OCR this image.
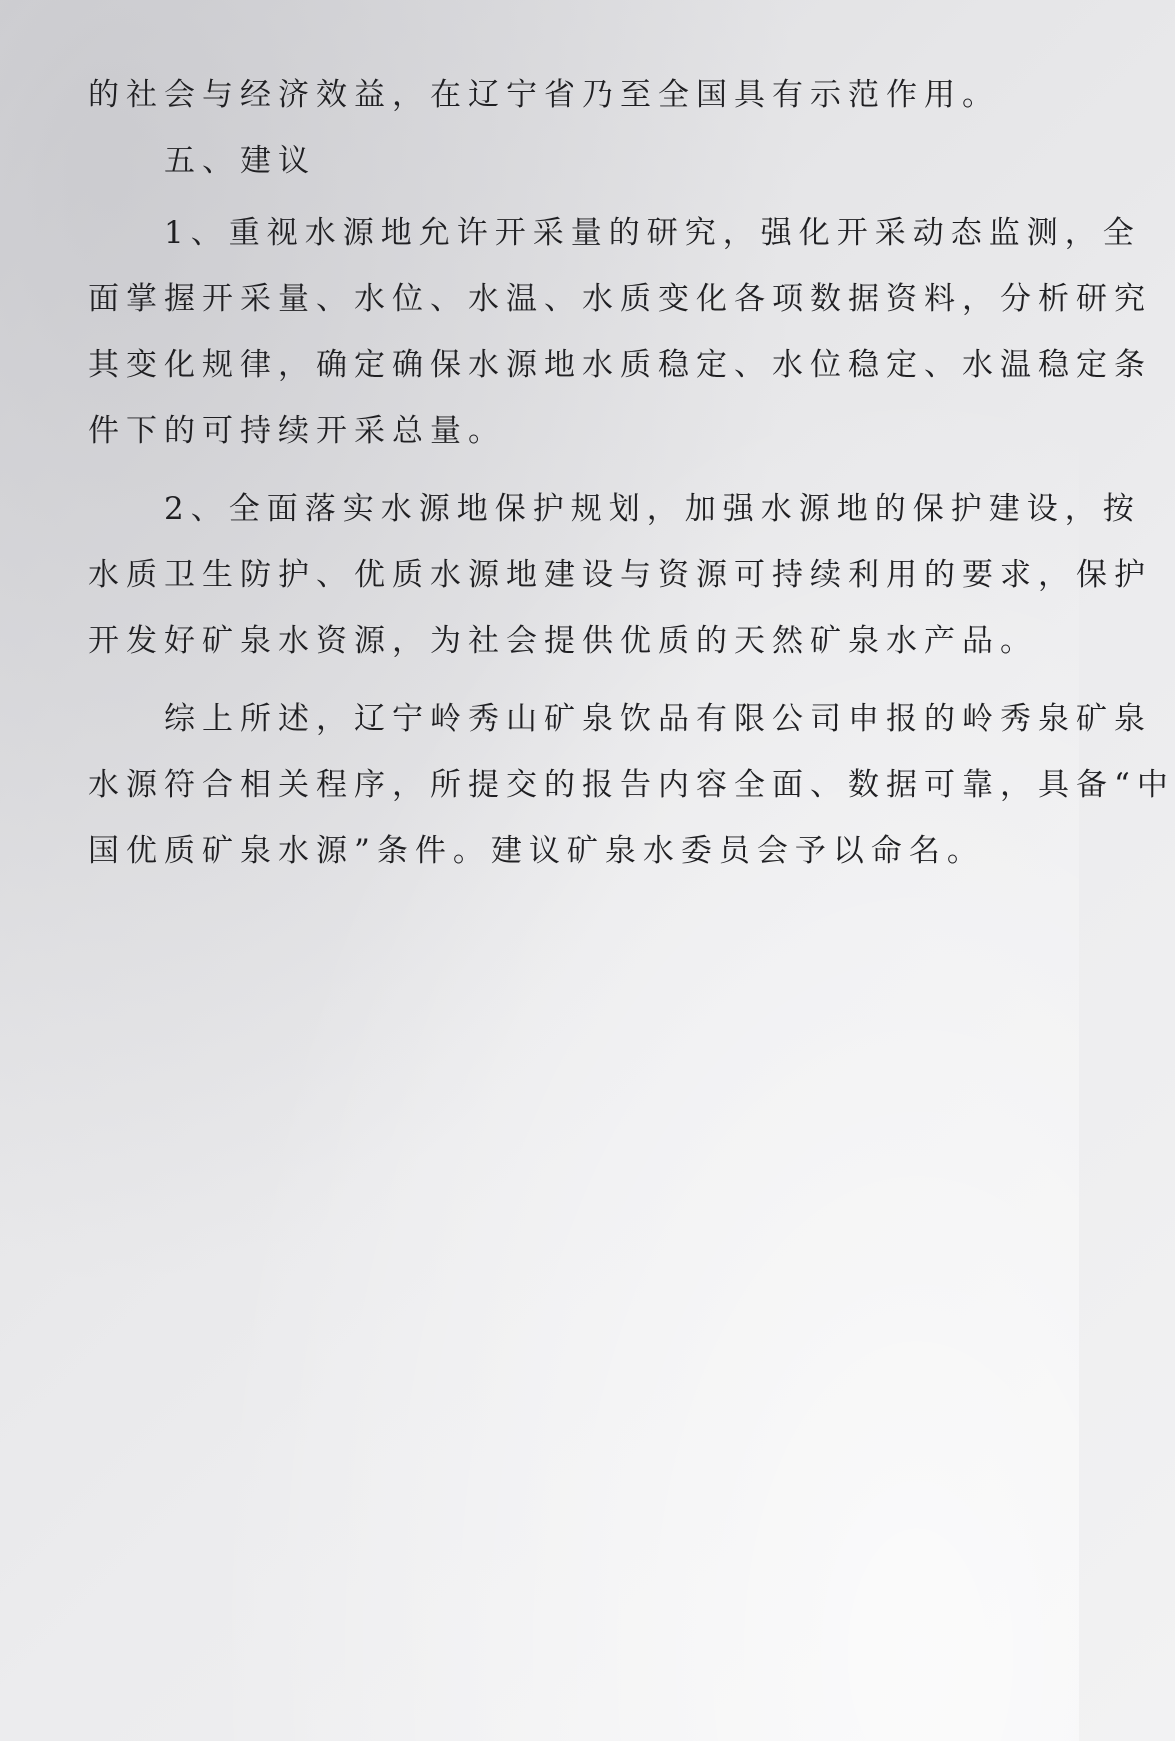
的社会与经济效益，在辽宁省乃至全国具有示范作用。
五、建议
1、重视水源地允许开采量的研究，强化开采动态监测，全
面掌握开采量、水位、水温、水质变化各项数据资料，分析研究
其变化规律，确定确保水源地水质稳定、水位稳定、水温稳定条
件下的可持续开采总量。
2、全面落实水源地保护规划，加强水源地的保护建设，按
水质卫生防护、优质水源地建设与资源可持续利用的要求，保护
开发好矿泉水资源，为社会提供优质的天然矿泉水产品。
综上所述，辽宁岭秀山矿泉饮品有限公司申报的岭秀泉矿泉
水源符合相关程序，所提交的报告内容全面、数据可靠，具备“中
国优质矿泉水源”条件。建议矿泉水委员会予以命名。
